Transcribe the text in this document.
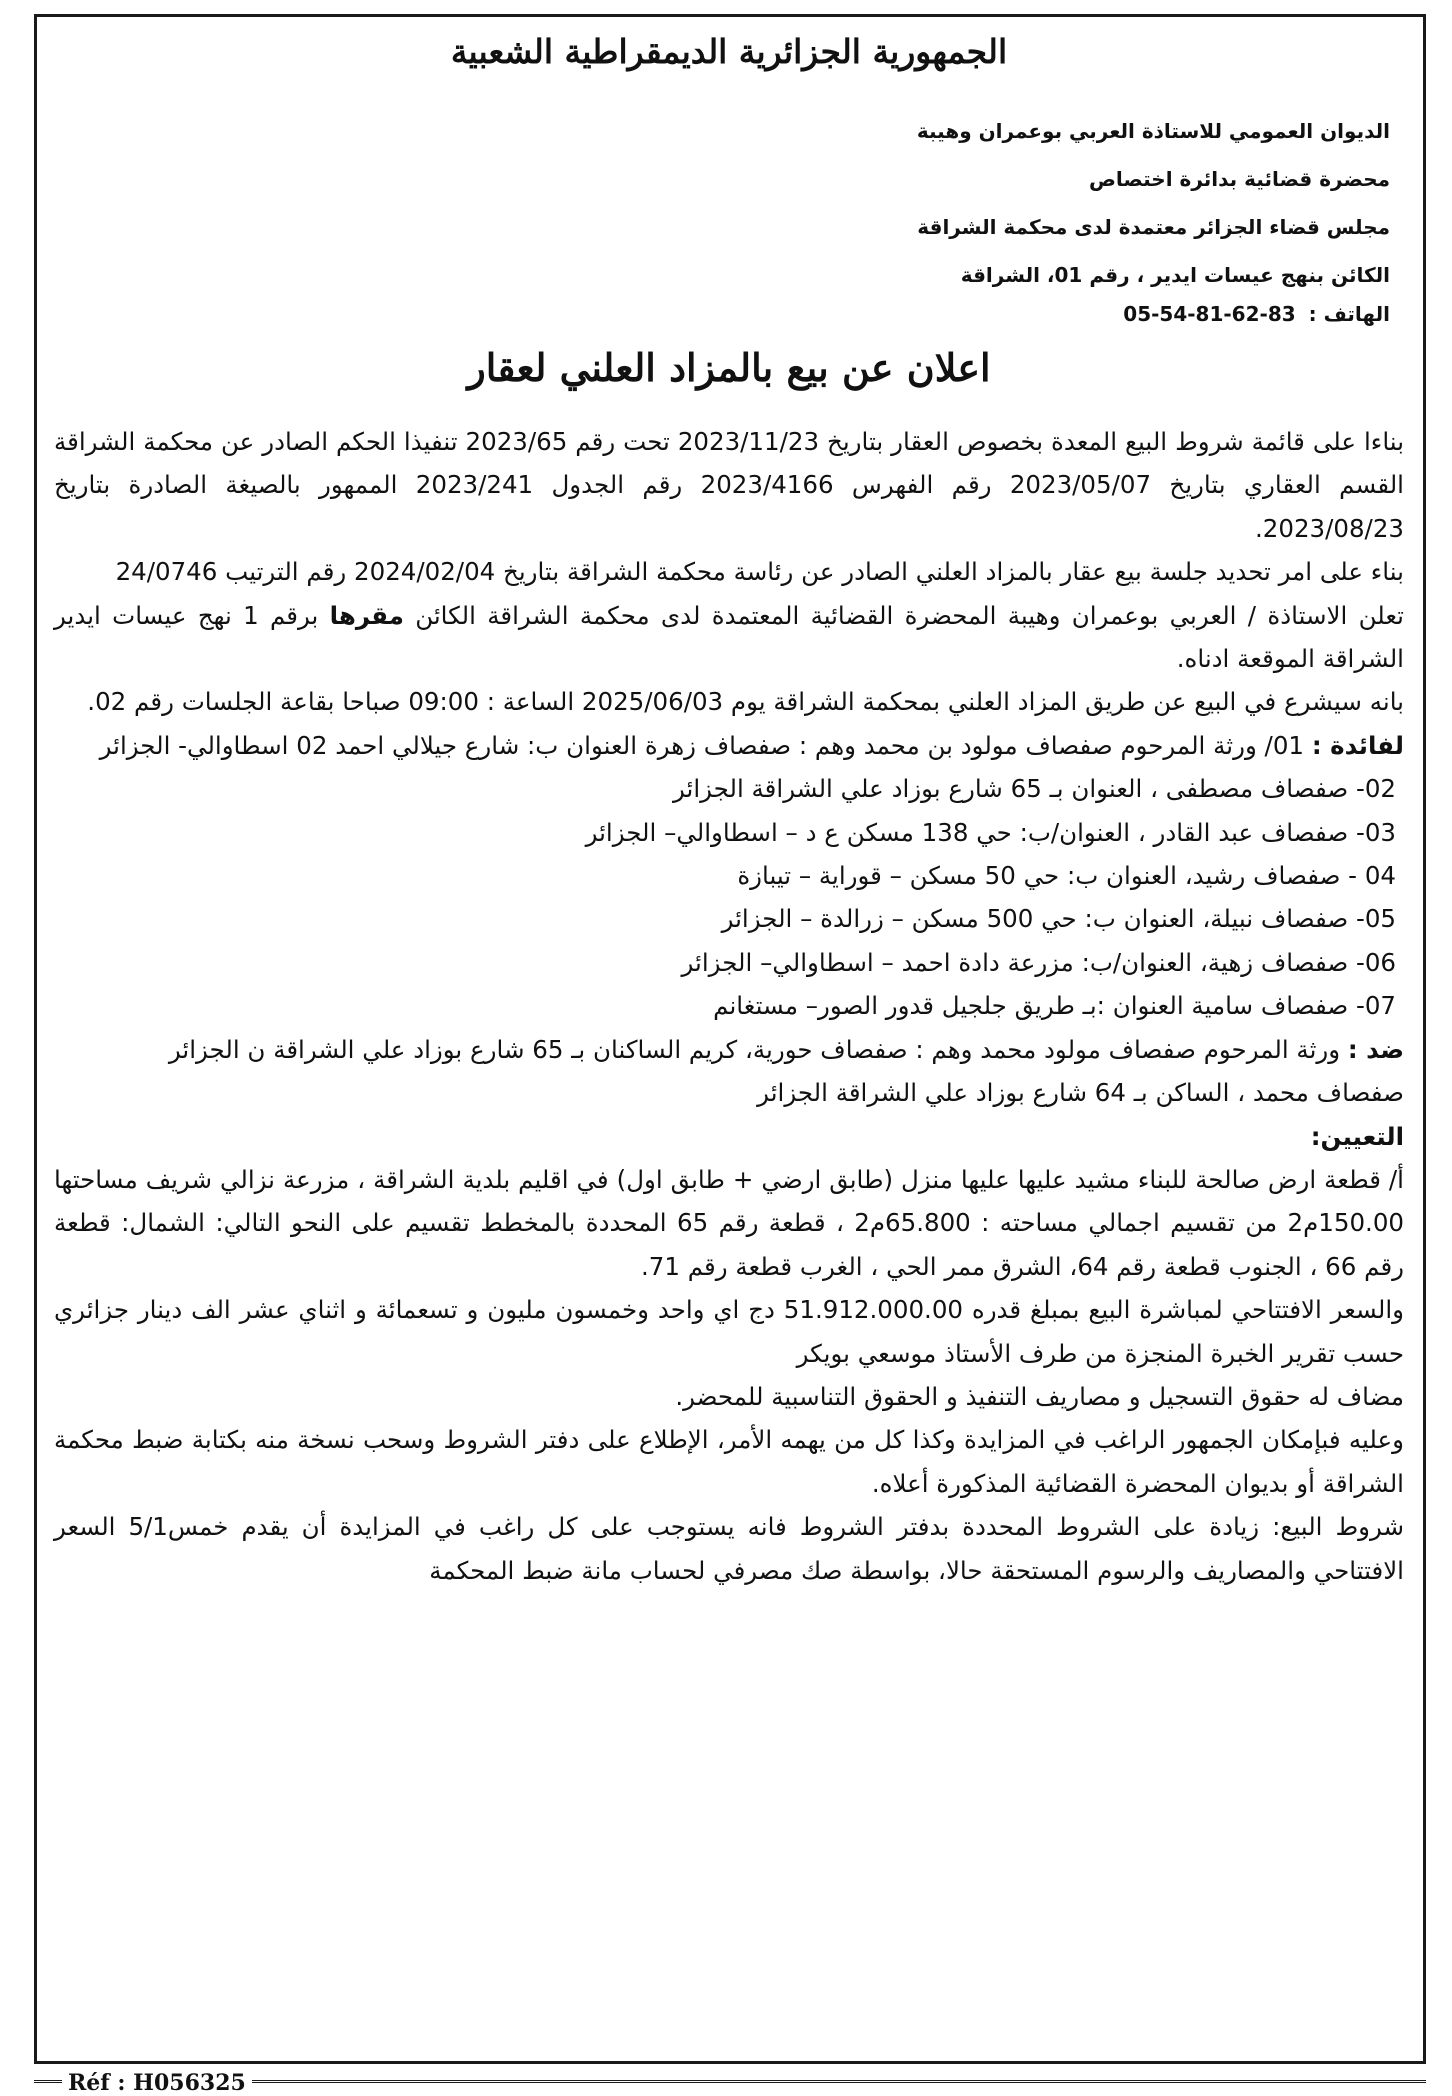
الجمهورية الجزائرية الديمقراطية الشعبية
الديوان العمومي للاستاذة العربي بوعمران وهيبة
محضرة قضائية بدائرة اختصاص
مجلس قضاء الجزائر معتمدة لدى محكمة الشراقة
الكائن بنهج عيسات ايدير ، رقم 01، الشراقة
الهاتف : 05-54-81-62-83
اعلان عن بيع بالمزاد العلني لعقار

بناءا على قائمة شروط البيع المعدة بخصوص العقار بتاريخ 2023/11/23 تحت رقم 2023/65 تنفيذا الحكم الصادر عن محكمة الشراقة القسم العقاري بتاريخ 2023/05/07 رقم الفهرس 2023/4166 رقم الجدول 2023/241 الممهور بالصيغة الصادرة بتاريخ 2023/08/23.

بناء على امر تحديد جلسة بيع عقار بالمزاد العلني الصادر عن رئاسة محكمة الشراقة بتاريخ 2024/02/04 رقم الترتيب 24/0746

تعلن الاستاذة / العربي بوعمران وهيبة المحضرة القضائية المعتمدة لدى محكمة الشراقة الكائن مقرها برقم 1 نهج عيسات ايدير الشراقة الموقعة ادناه.

بانه سيشرع في البيع عن طريق المزاد العلني بمحكمة الشراقة يوم 2025/06/03 الساعة : 09:00 صباحا بقاعة الجلسات رقم 02.

لفائدة : 01/ ورثة المرحوم صفصاف مولود بن محمد وهم : صفصاف زهرة العنوان ب: شارع جيلالي احمد 02 اسطاوالي- الجزائر

02- صفصاف مصطفى ، العنوان بـ 65 شارع بوزاد علي الشراقة الجزائر

03- صفصاف عبد القادر ، العنوان/ب: حي 138 مسكن ع د – اسطاوالي– الجزائر

04 - صفصاف رشيد، العنوان ب: حي 50 مسكن – قوراية – تيبازة

05- صفصاف نبيلة، العنوان ب: حي 500 مسكن – زرالدة – الجزائر

06- صفصاف زهية، العنوان/ب: مزرعة دادة احمد – اسطاوالي– الجزائر

07- صفصاف سامية العنوان :بـ طريق جلجيل قدور الصور– مستغانم

ضد : ورثة المرحوم صفصاف مولود محمد وهم : صفصاف حورية، كريم الساكنان بـ 65 شارع بوزاد علي الشراقة ن الجزائر

صفصاف محمد ، الساكن بـ 64 شارع بوزاد علي الشراقة الجزائر

التعيين:

أ/ قطعة ارض صالحة للبناء مشيد عليها عليها منزل (طابق ارضي + طابق اول) في اقليم بلدية الشراقة ، مزرعة نزالي شريف مساحتها 150.00م2 من تقسيم اجمالي مساحته : 65.800م2 ، قطعة رقم 65 المحددة بالمخطط تقسيم على النحو التالي: الشمال: قطعة رقم 66 ، الجنوب قطعة رقم 64، الشرق ممر الحي ، الغرب قطعة رقم 71.

والسعر الافتتاحي لمباشرة البيع بمبلغ قدره 51.912.000.00 دج اي واحد وخمسون مليون و تسعمائة و اثناي عشر الف دينار جزائري حسب تقرير الخبرة المنجزة من طرف الأستاذ موسعي بويكر

مضاف له حقوق التسجيل و مصاريف التنفيذ و الحقوق التناسبية للمحضر.

وعليه فبإمكان الجمهور الراغب في المزايدة وكذا كل من يهمه الأمر، الإطلاع على دفتر الشروط وسحب نسخة منه بكتابة ضبط محكمة الشراقة أو بديوان المحضرة القضائية المذكورة أعلاه.

شروط البيع: زيادة على الشروط المحددة بدفتر الشروط فانه يستوجب على كل راغب في المزايدة أن يقدم خمس5/1 السعر الافتتاحي والمصاريف والرسوم المستحقة حالا، بواسطة صك مصرفي لحساب مانة ضبط المحكمة

Réf : H056325
